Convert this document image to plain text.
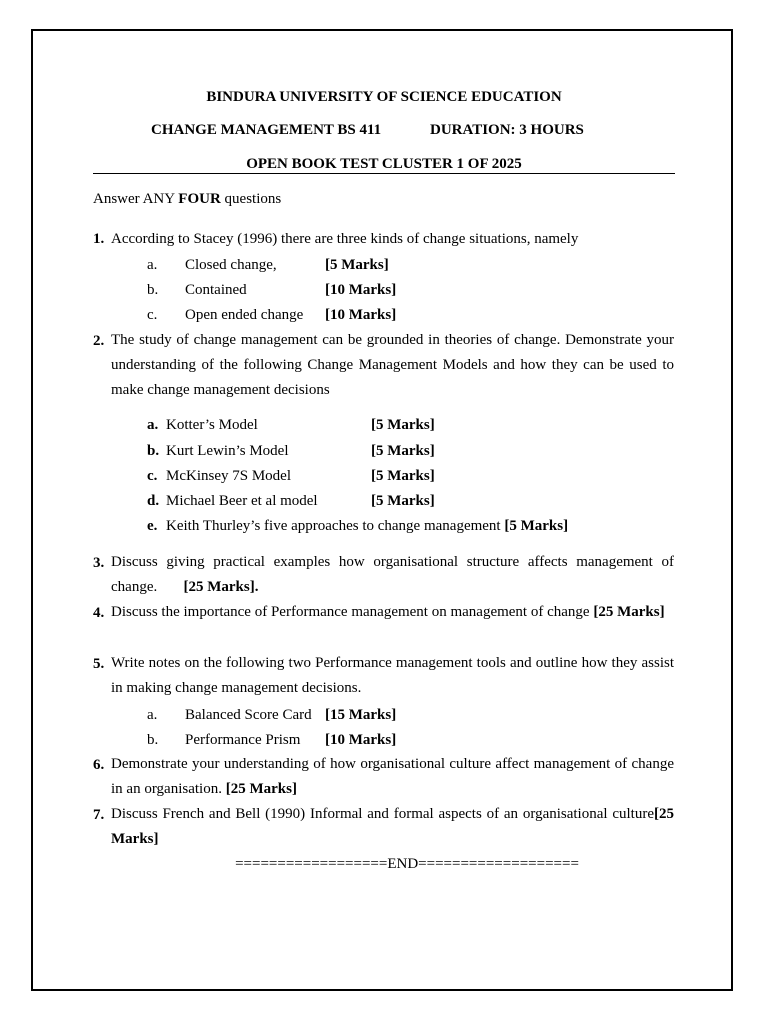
BINDURA UNIVERSITY OF SCIENCE EDUCATION
CHANGE MANAGEMENT BS 411	DURATION: 3 HOURS
OPEN BOOK TEST CLUSTER 1 OF 2025
Answer ANY FOUR questions
1. According to Stacey (1996) there are three kinds of change situations, namely
a. Closed change,	[5 Marks]
b. Contained	[10 Marks]
c. Open ended change [10 Marks]
2. The study of change management can be grounded in theories of change. Demonstrate your understanding of the following Change Management Models and how they can be used to make change management decisions
a. Kotter’s Model	[5 Marks]
b. Kurt Lewin’s Model	[5 Marks]
c. McKinsey 7S Model	[5 Marks]
d. Michael Beer et al model	[5 Marks]
e. Keith Thurley’s five approaches to change management [5 Marks]
3. Discuss giving practical examples how organisational structure affects management of change. [25 Marks].
4. Discuss the importance of Performance management on management of change [25 Marks]
5. Write notes on the following two Performance management tools and outline how they assist in making change management decisions.
a. Balanced Score Card [15 Marks]
b. Performance Prism [10 Marks]
6. Demonstrate your understanding of how organisational culture affect management of change in an organisation. [25 Marks]
7. Discuss French and Bell (1990) Informal and formal aspects of an organisational culture[25 Marks]
==================END===================
